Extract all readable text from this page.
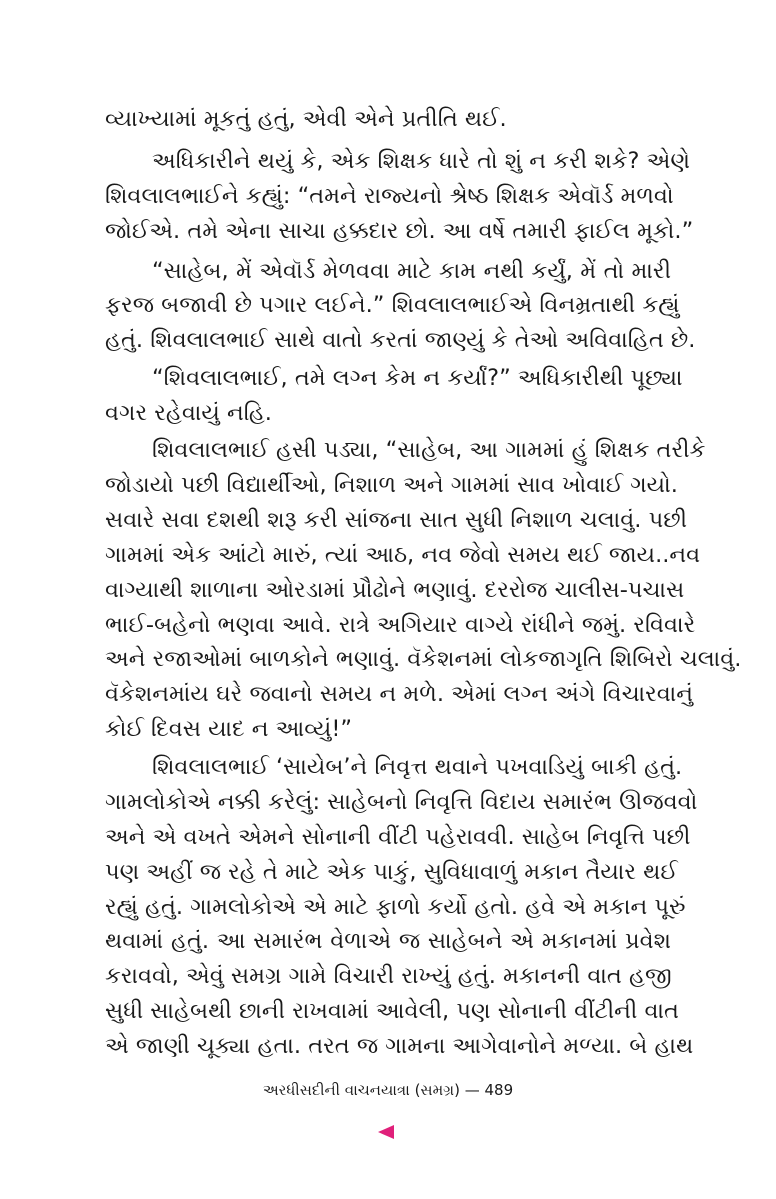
વ્યાખ્યામાં મૂકતું હતું, એવી એને પ્રતીતિ થઈ.
અધિકારીને થયું કે, એક શિક્ષક ધારે તો શું ન કરી શકે? એણે
શિવલાલભાઈને કહ્યું: “તમને રાજ્યનો શ્રેષ્ઠ શિક્ષક એવૉર્ડ મળવો
જોઈએ. તમે એના સાચા હક્કદાર છો. આ વર્ષે તમારી ફાઈલ મૂકો.”
“સાહેબ, મેં એવૉર્ડ મેળવવા માટે કામ નથી કર્યું, મેં તો મારી
ફરજ બજાવી છે પગાર લઈને.” શિવલાલભાઈએ વિનમ્રતાથી કહ્યું
હતું. શિવલાલભાઈ સાથે વાતો કરતાં જાણ્યું કે તેઓ અવિવાહિત છે.
“શિવલાલભાઈ, તમે લગ્ન કેમ ન કર્યાં?” અધિકારીથી પૂછ્યા
વગર રહેવાયું નહિ.
શિવલાલભાઈ હસી પડ્યા, “સાહેબ, આ ગામમાં હું શિક્ષક તરીકે
જોડાયો પછી વિદ્યાર્થીઓ, નિશાળ અને ગામમાં સાવ ખોવાઈ ગયો.
સવારે સવા દશથી શરૂ કરી સાંજના સાત સુધી નિશાળ ચલાવું. પછી
ગામમાં એક આંટો મારું, ત્યાં આઠ, નવ જેવો સમય થઈ જાય..નવ
વાગ્યાથી શાળાના ઓરડામાં પ્રૌઢોને ભણાવું. દરરોજ ચાલીસ-પચાસ
ભાઈ-બહેનો ભણવા આવે. રાત્રે અગિયાર વાગ્યે રાંધીને જમું. રવિવારે
અને રજાઓમાં બાળકોને ભણાવું. વૅકેશનમાં લોકજાગૃતિ શિબિરો ચલાવું.
વૅકેશનમાંય ઘરે જવાનો સમય ન મળે. એમાં લગ્ન અંગે વિચારવાનું
કોઈ દિવસ યાદ ન આવ્યું!”
શિવલાલભાઈ ‘સાયેબ’ને નિવૃત્ત થવાને પખવાડિયું બાકી હતું.
ગામલોકોએ નક્કી કરેલું: સાહેબનો નિવૃત્તિ વિદાય સમારંભ ઊજવવો
અને એ વખતે એમને સોનાની વીંટી પહેરાવવી. સાહેબ નિવૃત્તિ પછી
પણ અહીં જ રહે તે માટે એક પાકું, સુવિધાવાળું મકાન તૈયાર થઈ
રહ્યું હતું. ગામલોકોએ એ માટે ફાળો કર્યો હતો. હવે એ મકાન પૂરું
થવામાં હતું. આ સમારંભ વેળાએ જ સાહેબને એ મકાનમાં પ્રવેશ
કરાવવો, એવું સમગ્ર ગામે વિચારી રાખ્યું હતું. મકાનની વાત હજી
સુધી સાહેબથી છાની રાખવામાં આવેલી, પણ સોનાની વીંટીની વાત
એ જાણી ચૂક્યા હતા. તરત જ ગામના આગેવાનોને મળ્યા. બે હાથ
અરધીસદીની વાચનયાત્રા (સમગ્ર) — 489
